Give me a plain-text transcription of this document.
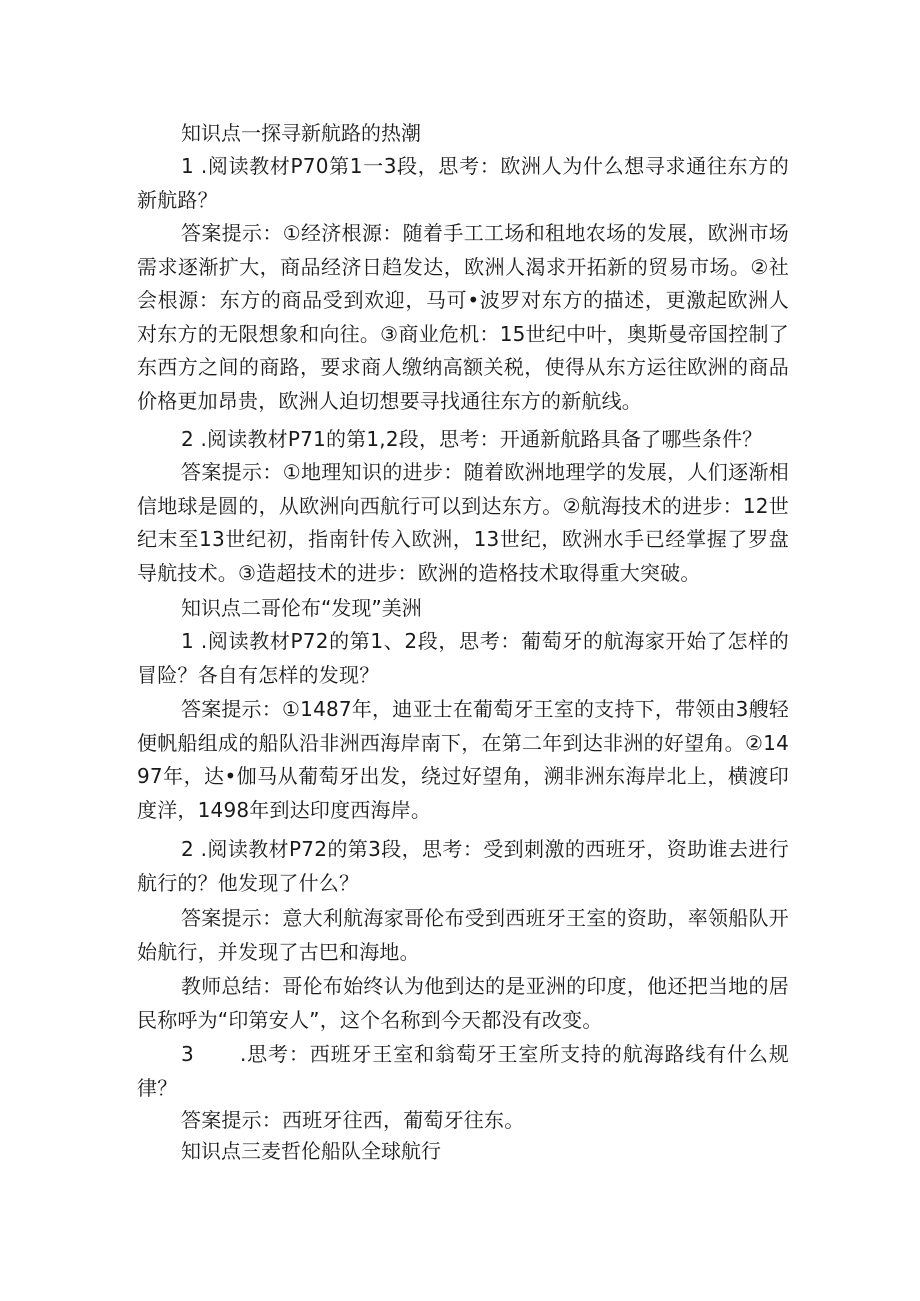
知识点一探寻新航路的热潮

1 .阅读教材P70第1一3段，思考：欧洲人为什么想寻求通往东方的新航路？

答案提示：①经济根源：随着手工工场和租地农场的发展，欧洲市场需求逐渐扩大，商品经济日趋发达，欧洲人渴求开拓新的贸易市场。②社会根源：东方的商品受到欢迎，马可•波罗对东方的描述，更激起欧洲人对东方的无限想象和向往。③商业危机：15世纪中叶，奥斯曼帝国控制了东西方之间的商路，要求商人缴纳高额关税，使得从东方运往欧洲的商品价格更加昂贵，欧洲人迫切想要寻找通往东方的新航线。

2 .阅读教材P71的第1,2段，思考：开通新航路具备了哪些条件？

答案提示：①地理知识的进步：随着欧洲地理学的发展，人们逐渐相信地球是圆的，从欧洲向西航行可以到达东方。②航海技术的进步：12世纪末至13世纪初，指南针传入欧洲，13世纪，欧洲水手已经掌握了罗盘导航技术。③造超技术的进步：欧洲的造格技术取得重大突破。

知识点二哥伦布“发现”美洲

1 .阅读教材P72的第1、2段，思考：葡萄牙的航海家开始了怎样的冒险？各自有怎样的发现？

答案提示：①1487年，迪亚士在葡萄牙王室的支持下，带领由3艘轻便帆船组成的船队沿非洲西海岸南下，在第二年到达非洲的好望角。②1497年，达•伽马从葡萄牙出发，绕过好望角，溯非洲东海岸北上，横渡印度洋，1498年到达印度西海岸。

2 .阅读教材P72的第3段，思考：受到刺激的西班牙，资助谁去进行航行的？他发现了什么？

答案提示：意大利航海家哥伦布受到西班牙王室的资助，率领船队开始航行，并发现了古巴和海地。

教师总结：哥伦布始终认为他到达的是亚洲的印度，他还把当地的居民称呼为“印第安人”，这个名称到今天都没有改变。

3 .思考：西班牙王室和翁萄牙王室所支持的航海路线有什么规律？

答案提示：西班牙往西，葡萄牙往东。

知识点三麦哲伦船队全球航行
